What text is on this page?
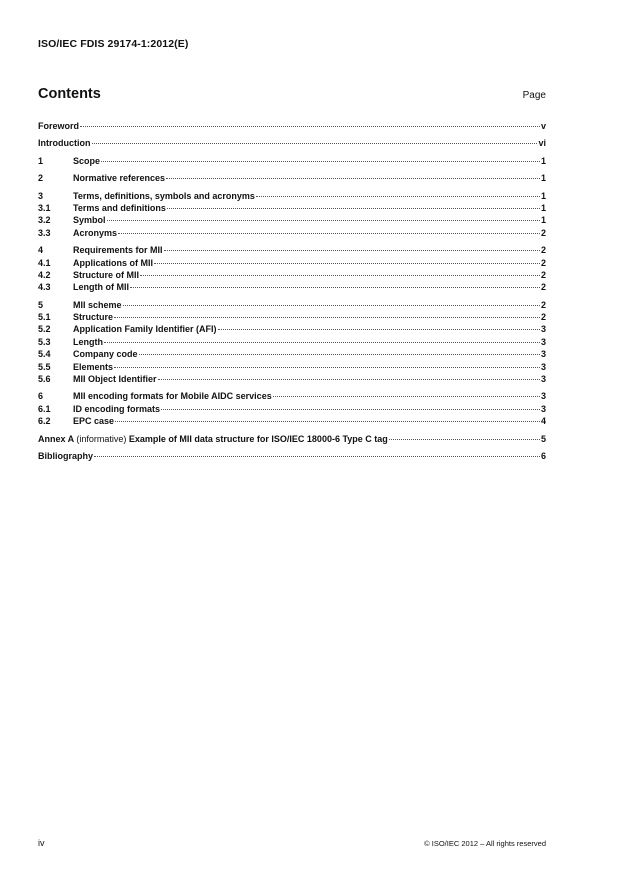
ISO/IEC FDIS 29174-1:2012(E)
Contents	Page
Foreword	v
Introduction	vi
1	Scope	1
2	Normative references	1
3	Terms, definitions, symbols and acronyms	1
3.1	Terms and definitions	1
3.2	Symbol	1
3.3	Acronyms	2
4	Requirements for MII	2
4.1	Applications of MII	2
4.2	Structure of MII	2
4.3	Length of MII	2
5	MII scheme	2
5.1	Structure	2
5.2	Application Family Identifier (AFI)	3
5.3	Length	3
5.4	Company code	3
5.5	Elements	3
5.6	MII Object Identifier	3
6	MII encoding formats for Mobile AIDC services	3
6.1	ID encoding formats	3
6.2	EPC case	4
Annex A (informative) Example of MII data structure for ISO/IEC 18000-6 Type C tag	5
Bibliography	6
iv	© ISO/IEC 2012 – All rights reserved
